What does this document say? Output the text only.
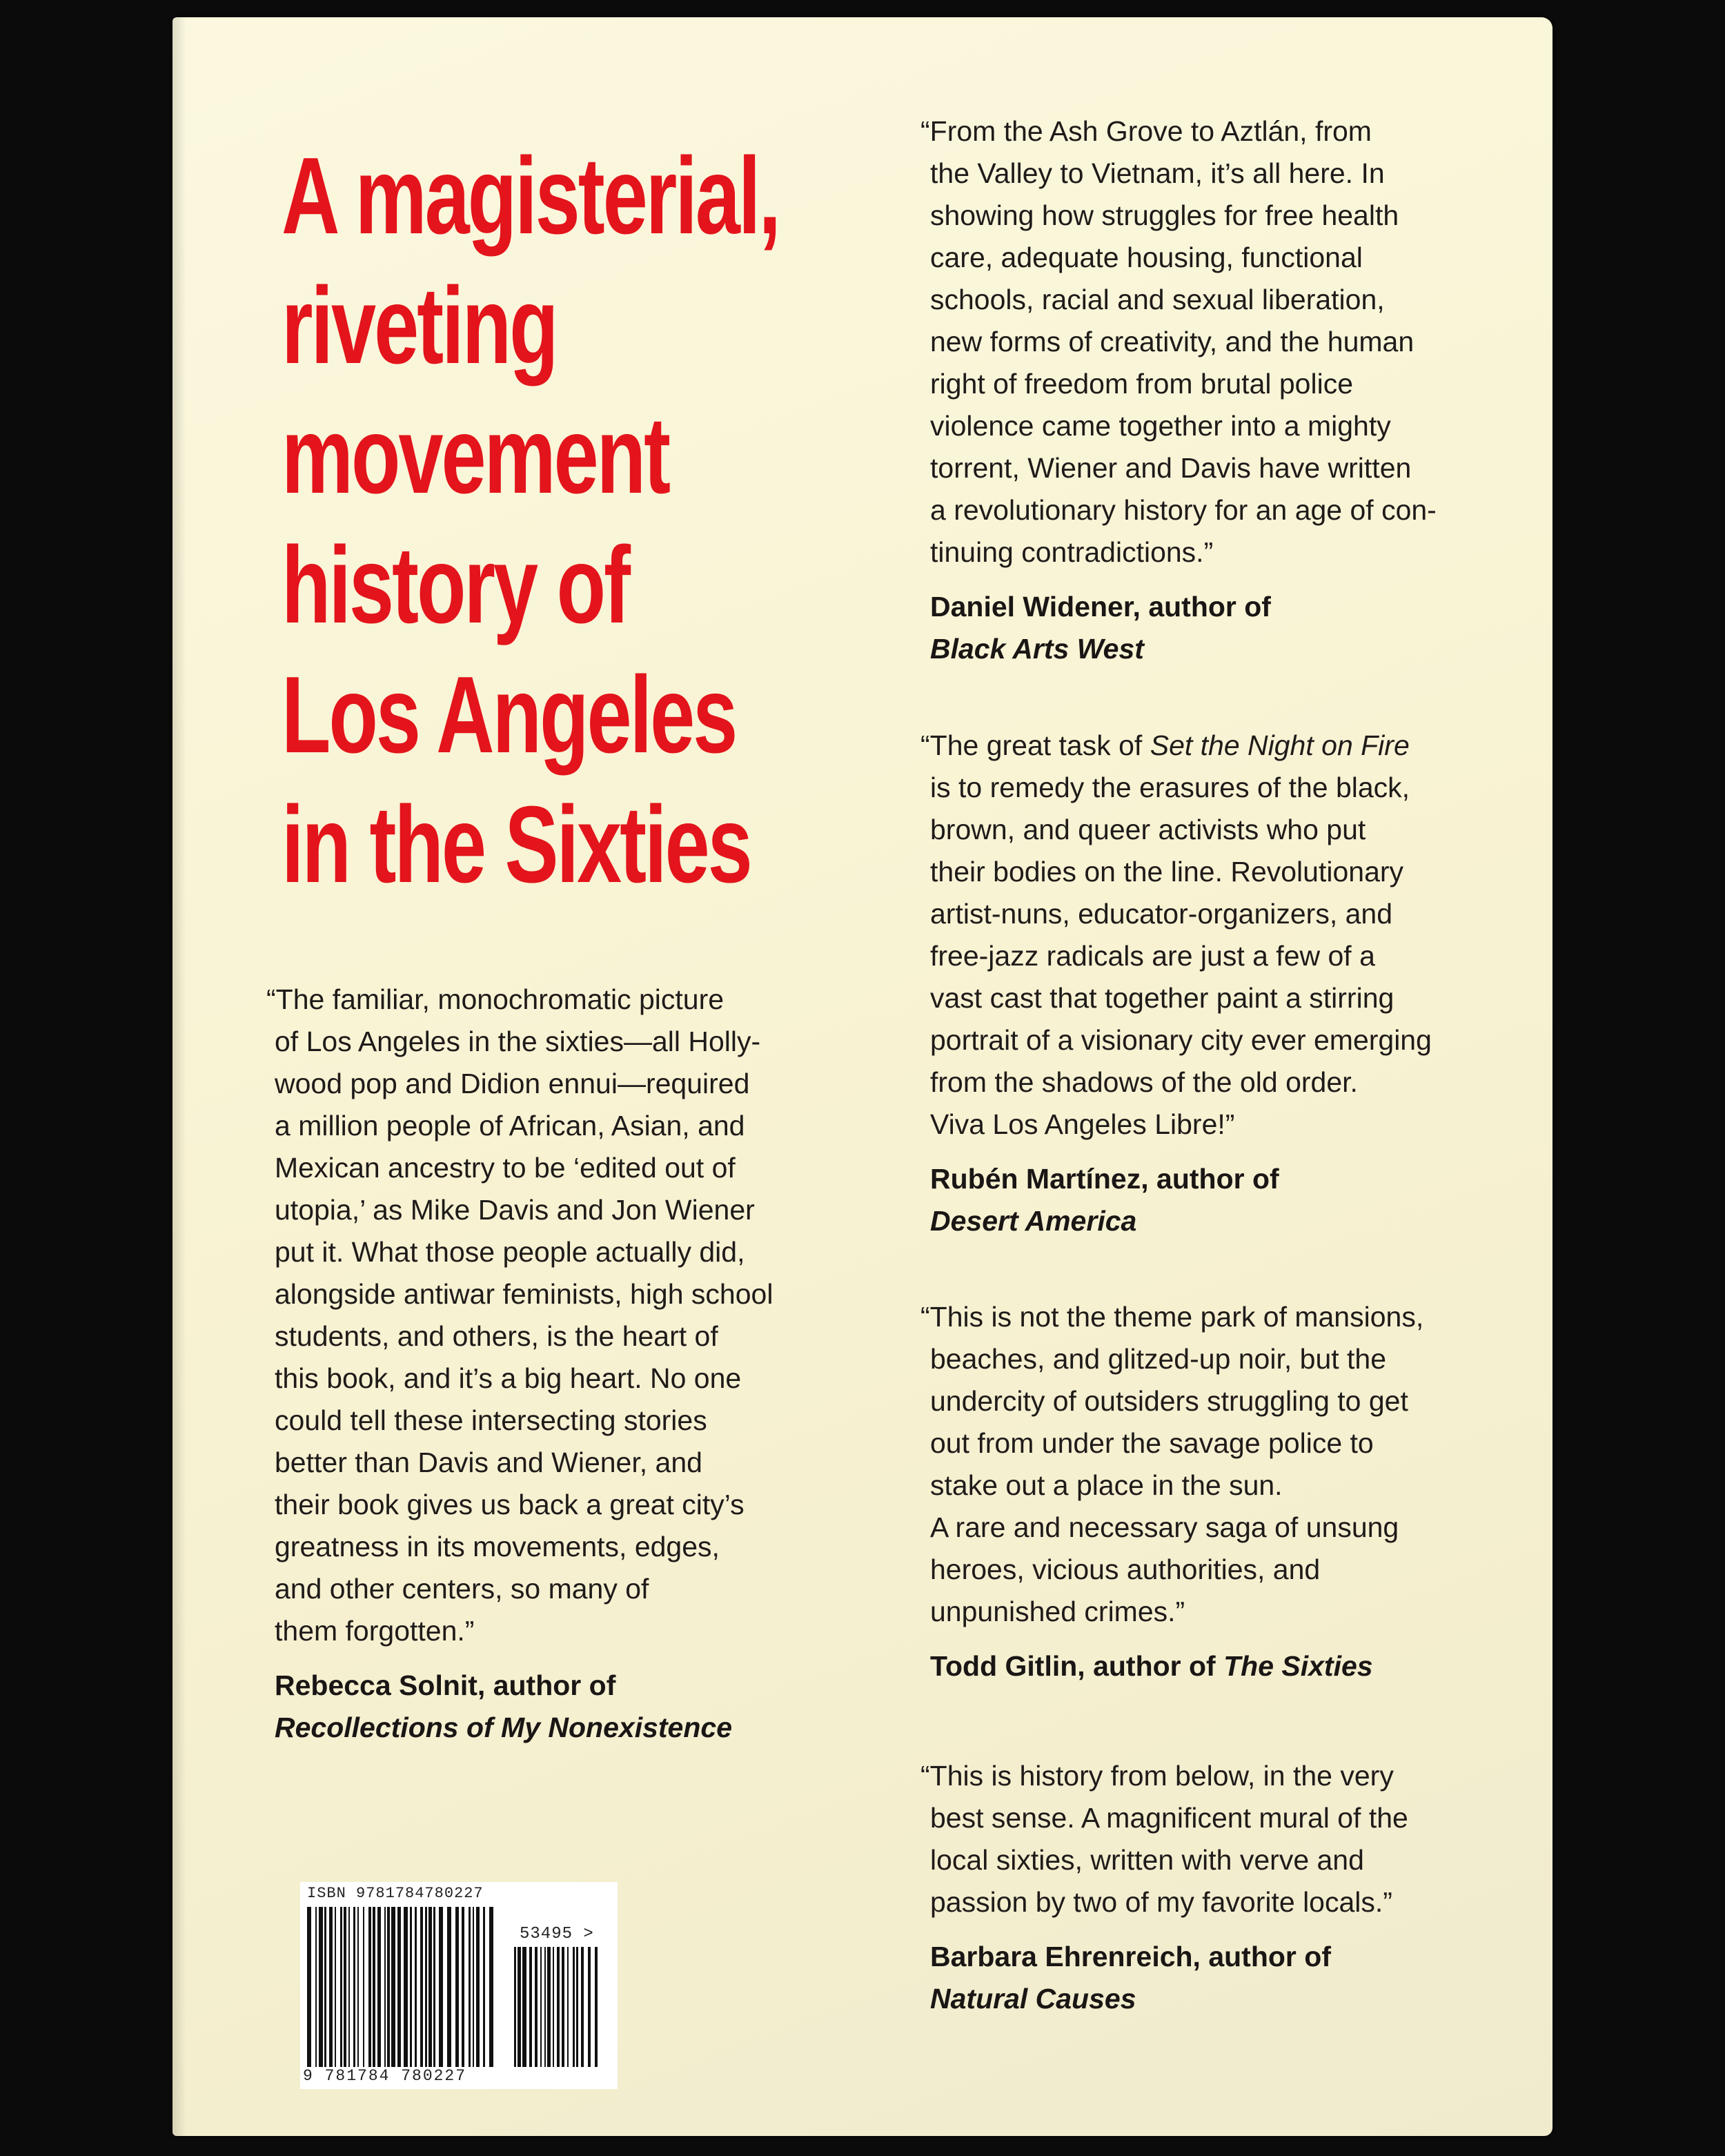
A magisterial,
riveting
movement
history of
Los Angeles
in the Sixties

“The familiar, monochromatic picture
of Los Angeles in the sixties—all Holly-
wood pop and Didion ennui—required
a million people of African, Asian, and
Mexican ancestry to be ‘edited out of
utopia,’ as Mike Davis and Jon Wiener
put it. What those people actually did,
alongside antiwar feminists, high school
students, and others, is the heart of
this book, and it’s a big heart. No one
could tell these intersecting stories
better than Davis and Wiener, and
their book gives us back a great city’s
greatness in its movements, edges,
and other centers, so many of
them forgotten.”

Rebecca Solnit, author of
Recollections of My Nonexistence

“From the Ash Grove to Aztlán, from
the Valley to Vietnam, it’s all here. In
showing how struggles for free health
care, adequate housing, functional
schools, racial and sexual liberation,
new forms of creativity, and the human
right of freedom from brutal police
violence came together into a mighty
torrent, Wiener and Davis have written
a revolutionary history for an age of con-
tinuing contradictions.”

Daniel Widener, author of
Black Arts West

“The great task of Set the Night on Fire
is to remedy the erasures of the black,
brown, and queer activists who put
their bodies on the line. Revolutionary
artist-nuns, educator-organizers, and
free-jazz radicals are just a few of a
vast cast that together paint a stirring
portrait of a visionary city ever emerging
from the shadows of the old order.
Viva Los Angeles Libre!”

Rubén Martínez, author of
Desert America

“This is not the theme park of mansions,
beaches, and glitzed-up noir, but the
undercity of outsiders struggling to get
out from under the savage police to
stake out a place in the sun.
A rare and necessary saga of unsung
heroes, vicious authorities, and
unpunished crimes.”

Todd Gitlin, author of The Sixties

“This is history from below, in the very
best sense. A magnificent mural of the
local sixties, written with verve and
passion by two of my favorite locals.”

Barbara Ehrenreich, author of
Natural Causes

ISBN 9781784780227
53495 >
9 781784 780227
